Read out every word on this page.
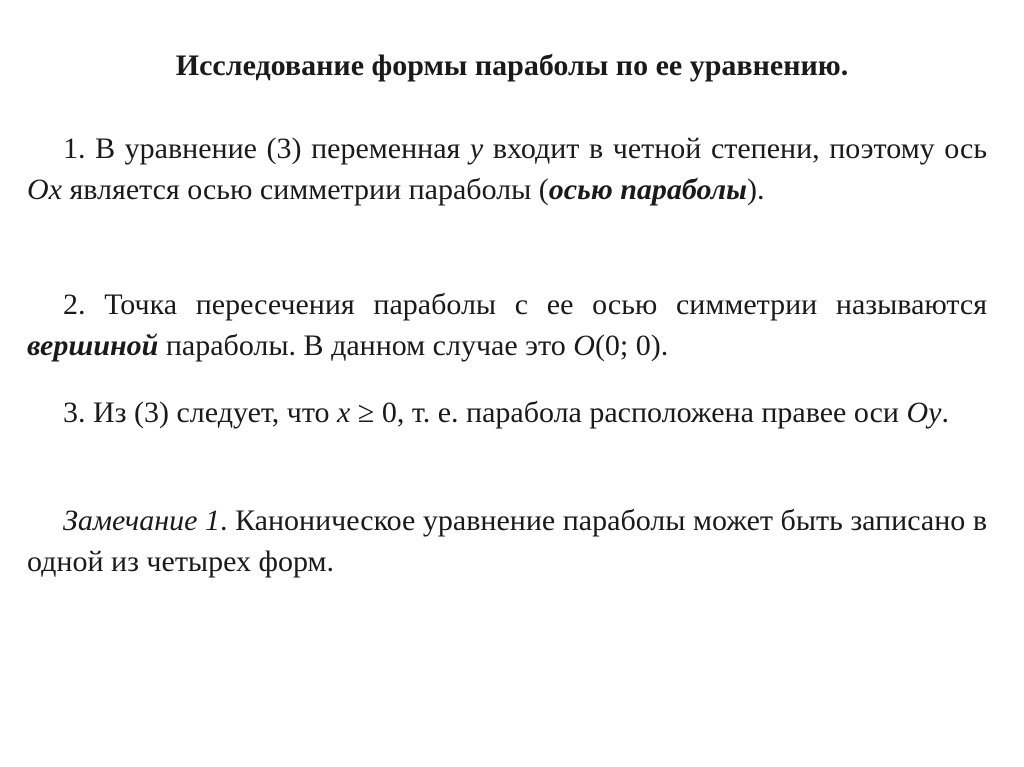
Исследование формы параболы по ее уравнению.
1. В уравнение (3) переменная y входит в четной степени, поэтому ось Ox является осью симметрии параболы (осью параболы).
2. Точка пересечения параболы с ее осью симметрии называются вершиной параболы. В данном случае это O(0; 0).
3. Из (3) следует, что x ≥ 0, т. е. парабола расположена правее оси Oy.
Замечание 1. Каноническое уравнение параболы может быть записано в одной из четырех форм.
